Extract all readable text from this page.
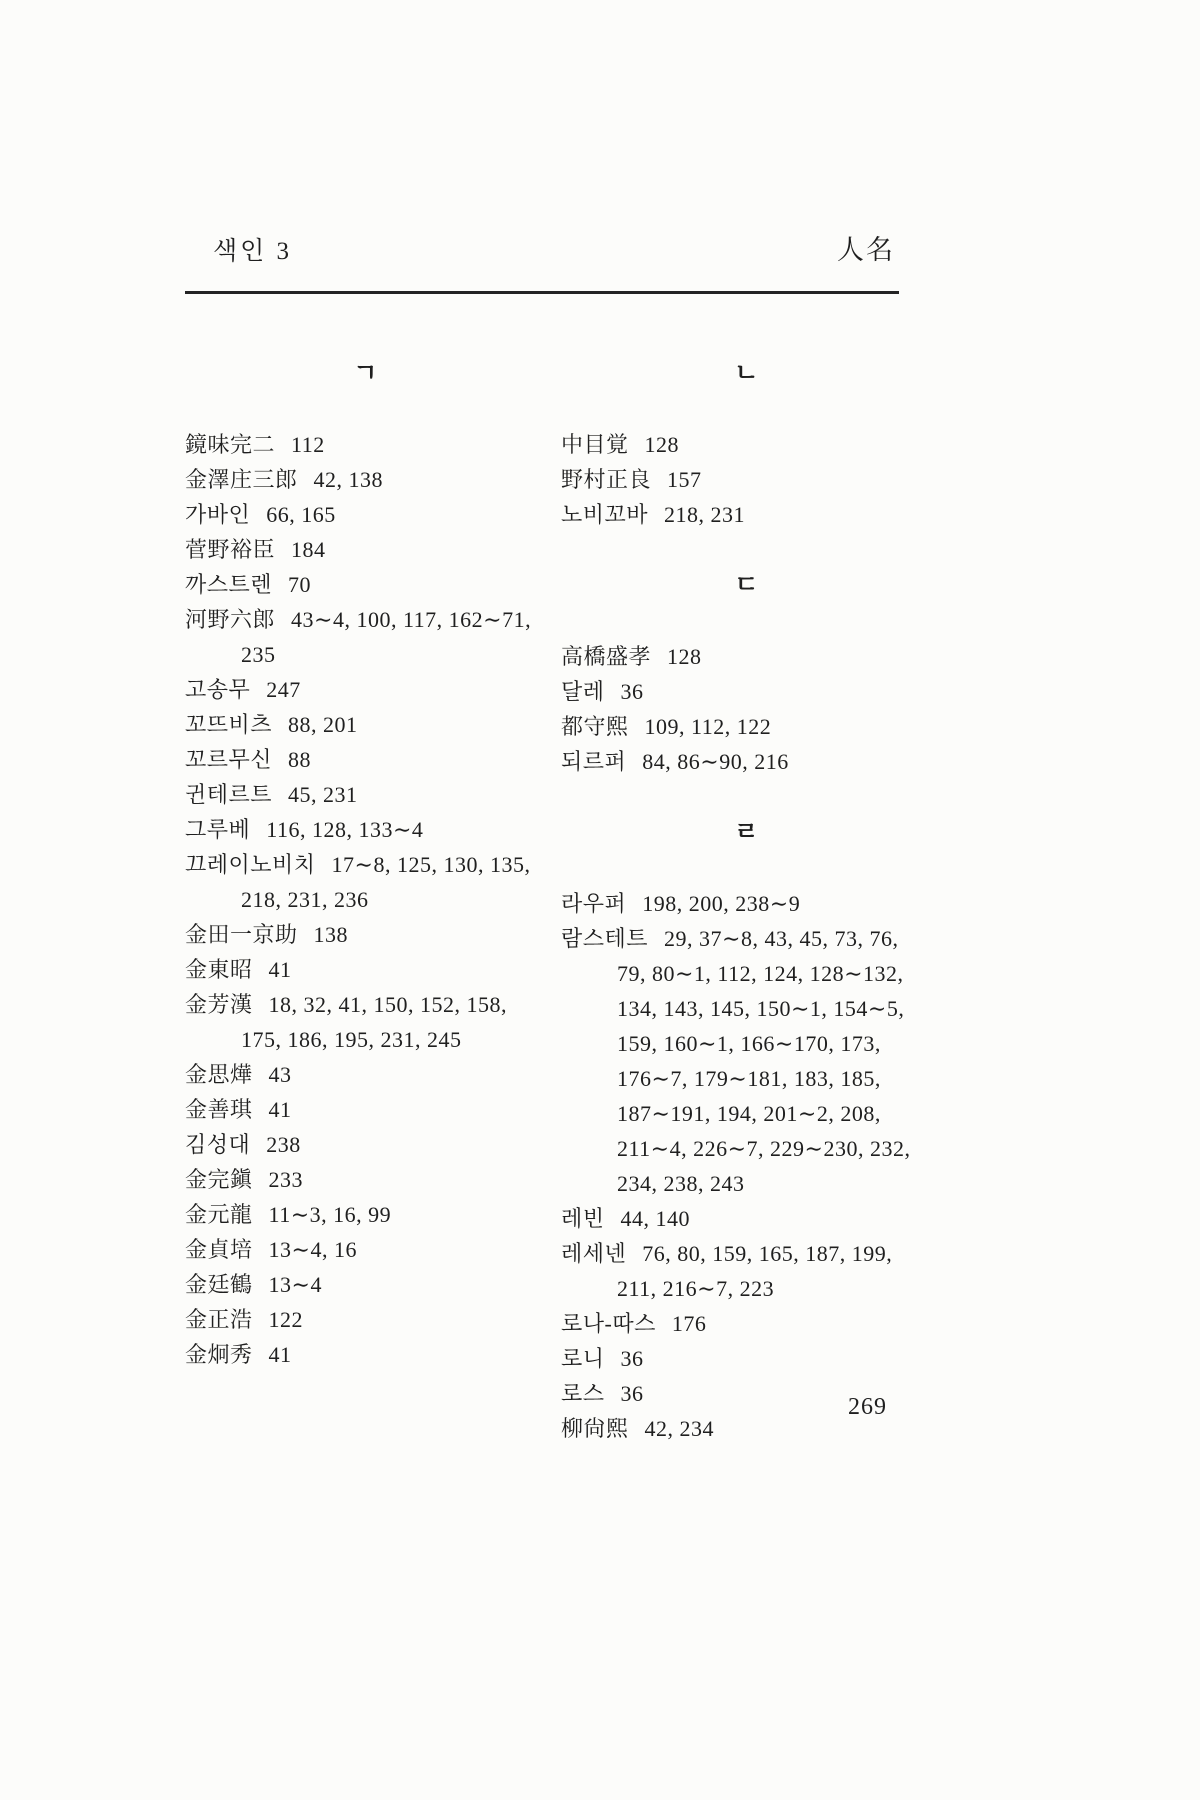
색인 3	人名
ㄱ
鏡味完二 112
金澤庄三郎 42, 138
가바인 66, 165
菅野裕臣 184
까스트렌 70
河野六郎 43∼4, 100, 117, 162∼71, 235
고송무 247
꼬뜨비츠 88, 201
꼬르무신 88
귄테르트 45, 231
그루베 116, 128, 133∼4
끄레이노비치 17∼8, 125, 130, 135, 218, 231, 236
金田一京助 138
金東昭 41
金芳漢 18, 32, 41, 150, 152, 158, 175, 186, 195, 231, 245
金思燁 43
金善琪 41
김성대 238
金完鎭 233
金元龍 11∼3, 16, 99
金貞培 13∼4, 16
金廷鶴 13∼4
金正浩 122
金炯秀 41
ㄴ
中目覚 128
野村正良 157
노비꼬바 218, 231
ㄷ
高橋盛孝 128
달레 36
都守熙 109, 112, 122
되르퍼 84, 86∼90, 216
ㄹ
라우퍼 198, 200, 238∼9
람스테트 29, 37∼8, 43, 45, 73, 76, 79, 80∼1, 112, 124, 128∼132, 134, 143, 145, 150∼1, 154∼5, 159, 160∼1, 166∼170, 173, 176∼7, 179∼181, 183, 185, 187∼191, 194, 201∼2, 208, 211∼4, 226∼7, 229∼230, 232, 234, 238, 243
레빈 44, 140
레세넨 76, 80, 159, 165, 187, 199, 211, 216∼7, 223
로나-따스 176
로니 36
로스 36
柳尙熙 42, 234
269
